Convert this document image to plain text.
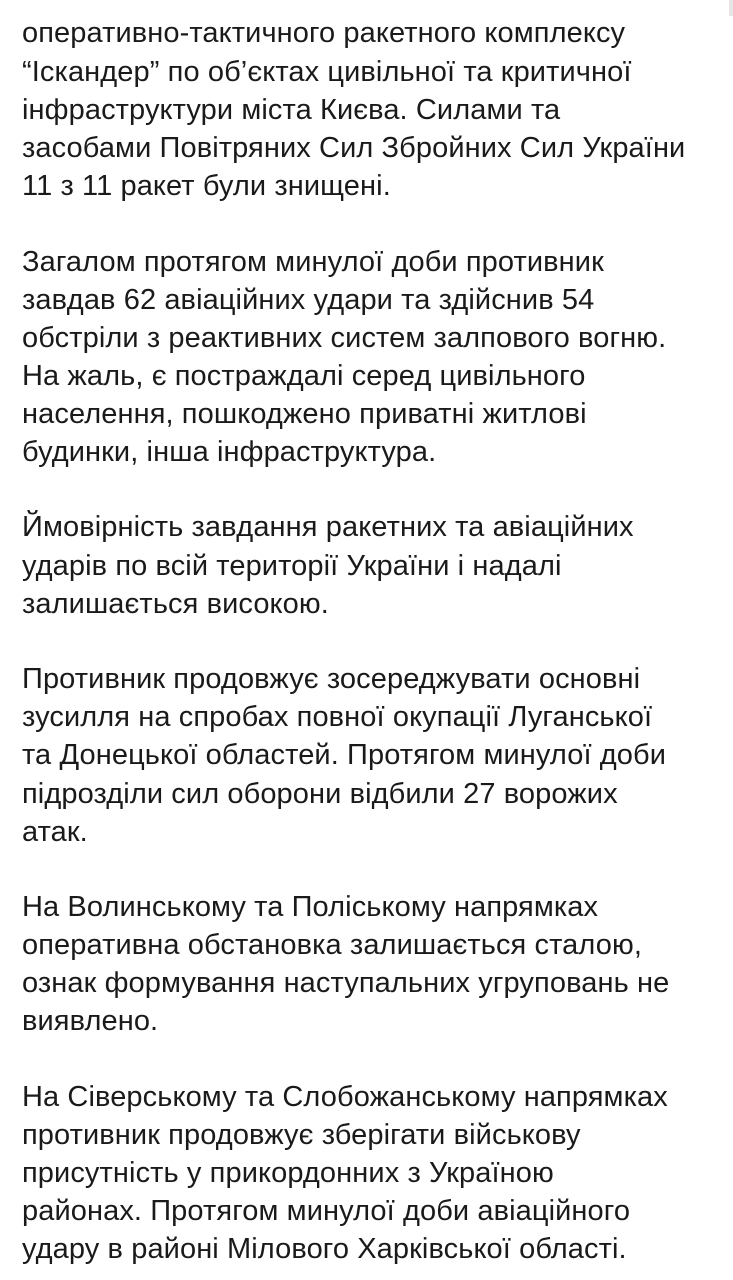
оперативно-тактичного ракетного комплексу
“Іскандер” по об’єктах цивільної та критичної
інфраструктури міста Києва. Силами та
засобами Повітряних Сил Збройних Сил України
11 з 11 ракет були знищені.
Загалом протягом минулої доби противник
завдав 62 авіаційних удари та здійснив 54
обстріли з реактивних систем залпового вогню.
На жаль, є постраждалі серед цивільного
населення, пошкоджено приватні житлові
будинки, інша інфраструктура.
Ймовірність завдання ракетних та авіаційних
ударів по всій території України і надалі
залишається високою.
Противник продовжує зосереджувати основні
зусилля на спробах повної окупації Луганської
та Донецької областей. Протягом минулої доби
підрозділи сил оборони відбили 27 ворожих
атак.
На Волинському та Поліському напрямках
оперативна обстановка залишається сталою,
ознак формування наступальних угруповань не
виявлено.
На Сіверському та Слобожанському напрямках
противник продовжує зберігати військову
присутність у прикордонних з Україною
районах. Протягом минулої доби авіаційного
удару в районі Мілового Харківської області.
